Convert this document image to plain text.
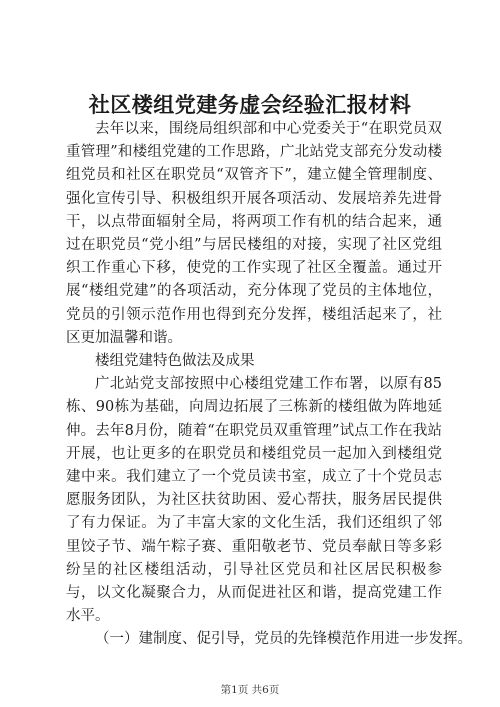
社区楼组党建务虚会经验汇报材料

去年以来，围绕局组织部和中心党委关于“在职党员双重管理”和楼组党建的工作思路，广北站党支部充分发动楼组党员和社区在职党员“双管齐下”，建立健全管理制度、强化宣传引导、积极组织开展各项活动、发展培养先进骨干，以点带面辐射全局，将两项工作有机的结合起来，通过在职党员“党小组”与居民楼组的对接，实现了社区党组织工作重心下移，使党的工作实现了社区全覆盖。通过开展“楼组党建”的各项活动，充分体现了党员的主体地位，党员的引领示范作用也得到充分发挥，楼组活起来了，社区更加温馨和谐。

楼组党建特色做法及成果

广北站党支部按照中心楼组党建工作布署，以原有85栋、90栋为基础，向周边拓展了三栋新的楼组做为阵地延伸。去年8月份，随着“在职党员双重管理”试点工作在我站开展，也让更多的在职党员和楼组党员一起加入到楼组党建中来。我们建立了一个党员读书室，成立了十个党员志愿服务团队，为社区扶贫助困、爱心帮扶，服务居民提供了有力保证。为了丰富大家的文化生活，我们还组织了邻里饺子节、端午粽子赛、重阳敬老节、党员奉献日等多彩纷呈的社区楼组活动，引导社区党员和社区居民积极参与，以文化凝聚合力，从而促进社区和谐，提高党建工作水平。

（一）建制度、促引导，党员的先锋模范作用进一步发挥。

第1页 共6页
